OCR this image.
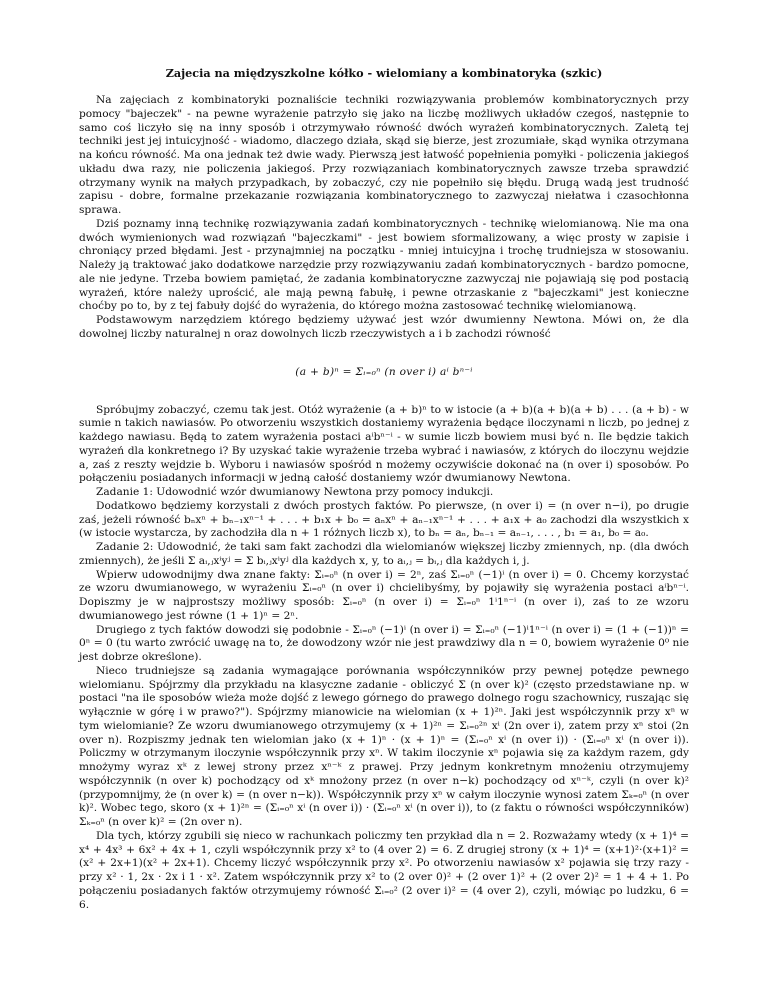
Zajecia na międzyszkolne kółko - wielomiany a kombinatoryka (szkic)

Na zajęciach z kombinatoryki poznaliście techniki rozwiązywania problemów kombinatorycznych przy pomocy "bajeczek" - na pewne wyrażenie patrzyło się jako na liczbę możliwych układów czegoś, następnie to samo coś liczyło się na inny sposób i otrzymywało równość dwóch wyrażeń kombinatorycznych. Zaletą tej techniki jest jej intuicyjność - wiadomo, dlaczego działa, skąd się bierze, jest zrozumiałe, skąd wynika otrzymana na końcu równość. Ma ona jednak też dwie wady. Pierwszą jest łatwość popełnienia pomyłki - policzenia jakiegoś układu dwa razy, nie policzenia jakiegoś. Przy rozwiązaniach kombinatorycznych zawsze trzeba sprawdzić otrzymany wynik na małych przypadkach, by zobaczyć, czy nie popełniło się błędu. Drugą wadą jest trudność zapisu - dobre, formalne przekazanie rozwiązania kombinatorycznego to zazwyczaj niełatwa i czasochłonna sprawa.

Dziś poznamy inną technikę rozwiązywania zadań kombinatorycznych - technikę wielomianową. Nie ma ona dwóch wymienionych wad rozwiązań "bajeczkami" - jest bowiem sformalizowany, a więc prosty w zapisie i chroniący przed błędami. Jest - przynajmniej na początku - mniej intuicyjna i trochę trudniejsza w stosowaniu. Należy ją traktować jako dodatkowe narzędzie przy rozwiązywaniu zadań kombinatorycznych - bardzo pomocne, ale nie jedyne. Trzeba bowiem pamiętać, że zadania kombinatoryczne zazwyczaj nie pojawiają się pod postacią wyrażeń, które należy uprościć, ale mają pewną fabułę, i pewne otrzaskanie z "bajeczkami" jest konieczne choćby po to, by z tej fabuły dojść do wyrażenia, do którego można zastosować technikę wielomianową.

Podstawowym narzędziem którego będziemy używać jest wzór dwumienny Newtona. Mówi on, że dla dowolnej liczby naturalnej n oraz dowolnych liczb rzeczywistych a i b zachodzi równość

(a + b)ⁿ = Σᵢ₌₀ⁿ (n over i) aⁱ bⁿ⁻ⁱ

Spróbujmy zobaczyć, czemu tak jest. Otóż wyrażenie (a + b)ⁿ to w istocie (a + b)(a + b)(a + b) . . . (a + b) - w sumie n takich nawiasów. Po otworzeniu wszystkich dostaniemy wyrażenia będące iloczynami n liczb, po jednej z każdego nawiasu. Będą to zatem wyrażenia postaci aⁱbⁿ⁻ⁱ - w sumie liczb bowiem musi być n. Ile będzie takich wyrażeń dla konkretnego i? By uzyskać takie wyrażenie trzeba wybrać i nawiasów, z których do iloczynu wejdzie a, zaś z reszty wejdzie b. Wyboru i nawiasów spośród n możemy oczywiście dokonać na (n over i) sposobów. Po połączeniu posiadanych informacji w jedną całość dostaniemy wzór dwumianowy Newtona.

Zadanie 1: Udowodnić wzór dwumianowy Newtona przy pomocy indukcji.

Dodatkowo będziemy korzystali z dwóch prostych faktów. Po pierwsze, (n over i) = (n over n−i), po drugie zaś, jeżeli równość bₙxⁿ + bₙ₋₁xⁿ⁻¹ + . . . + b₁x + b₀ = aₙxⁿ + aₙ₋₁xⁿ⁻¹ + . . . + a₁x + a₀ zachodzi dla wszystkich x (w istocie wystarcza, by zachodziła dla n + 1 różnych liczb x), to bₙ = aₙ, bₙ₋₁ = aₙ₋₁, . . . , b₁ = a₁, b₀ = a₀.

Zadanie 2: Udowodnić, że taki sam fakt zachodzi dla wielomianów większej liczby zmiennych, np. (dla dwóch zmiennych), że jeśli Σ aᵢ,ⱼxⁱyʲ = Σ bᵢ,ⱼxⁱyʲ dla każdych x, y, to aᵢ,ⱼ = bᵢ,ⱼ dla każdych i, j.

Wpierw udowodnijmy dwa znane fakty: Σᵢ₌₀ⁿ (n over i) = 2ⁿ, zaś Σᵢ₌₀ⁿ (−1)ⁱ (n over i) = 0. Chcemy korzystać ze wzoru dwumianowego, w wyrażeniu Σᵢ₌₀ⁿ (n over i) chcielibyśmy, by pojawiły się wyrażenia postaci aⁱbⁿ⁻ⁱ. Dopiszmy je w najprostszy możliwy sposób: Σᵢ₌₀ⁿ (n over i) = Σᵢ₌₀ⁿ 1ⁱ1ⁿ⁻ⁱ (n over i), zaś to ze wzoru dwumianowego jest równe (1 + 1)ⁿ = 2ⁿ.

Drugiego z tych faktów dowodzi się podobnie - Σᵢ₌₀ⁿ (−1)ⁱ (n over i) = Σᵢ₌₀ⁿ (−1)ⁱ1ⁿ⁻ⁱ (n over i) = (1 + (−1))ⁿ = 0ⁿ = 0 (tu warto zwrócić uwagę na to, że dowodzony wzór nie jest prawdziwy dla n = 0, bowiem wyrażenie 0⁰ nie jest dobrze określone).

Nieco trudniejsze są zadania wymagające porównania współczynników przy pewnej potędze pewnego wielomianu. Spójrzmy dla przykładu na klasyczne zadanie - obliczyć Σ (n over k)² (często przedstawiane np. w postaci "na ile sposobów wieża może dojść z lewego górnego do prawego dolnego rogu szachownicy, ruszając się wyłącznie w górę i w prawo?"). Spójrzmy mianowicie na wielomian (x + 1)²ⁿ. Jaki jest współczynnik przy xⁿ w tym wielomianie? Ze wzoru dwumianowego otrzymujemy (x + 1)²ⁿ = Σᵢ₌₀²ⁿ xⁱ (2n over i), zatem przy xⁿ stoi (2n over n). Rozpiszmy jednak ten wielomian jako (x + 1)ⁿ · (x + 1)ⁿ = (Σᵢ₌₀ⁿ xⁱ (n over i)) · (Σᵢ₌₀ⁿ xⁱ (n over i)). Policzmy w otrzymanym iloczynie współczynnik przy xⁿ. W takim iloczynie xⁿ pojawia się za każdym razem, gdy mnożymy wyraz xᵏ z lewej strony przez xⁿ⁻ᵏ z prawej. Przy jednym konkretnym mnożeniu otrzymujemy współczynnik (n over k) pochodzący od xᵏ mnożony przez (n over n−k) pochodzący od xⁿ⁻ᵏ, czyli (n over k)² (przypomnijmy, że (n over k) = (n over n−k)). Współczynnik przy xⁿ w całym iloczynie wynosi zatem Σₖ₌₀ⁿ (n over k)². Wobec tego, skoro (x + 1)²ⁿ = (Σᵢ₌₀ⁿ xⁱ (n over i)) · (Σᵢ₌₀ⁿ xⁱ (n over i)), to (z faktu o równości współczynników) Σₖ₌₀ⁿ (n over k)² = (2n over n).

Dla tych, którzy zgubili się nieco w rachunkach policzmy ten przykład dla n = 2. Rozważamy wtedy (x + 1)⁴ = x⁴ + 4x³ + 6x² + 4x + 1, czyli współczynnik przy x² to (4 over 2) = 6. Z drugiej strony (x + 1)⁴ = (x+1)²·(x+1)² = (x² + 2x+1)(x² + 2x+1). Chcemy liczyć współczynnik przy x². Po otworzeniu nawiasów x² pojawia się trzy razy - przy x² · 1, 2x · 2x i 1 · x². Zatem współczynnik przy x² to (2 over 0)² + (2 over 1)² + (2 over 2)² = 1 + 4 + 1. Po połączeniu posiadanych faktów otrzymujemy równość Σᵢ₌₀² (2 over i)² = (4 over 2), czyli, mówiąc po ludzku, 6 = 6.
